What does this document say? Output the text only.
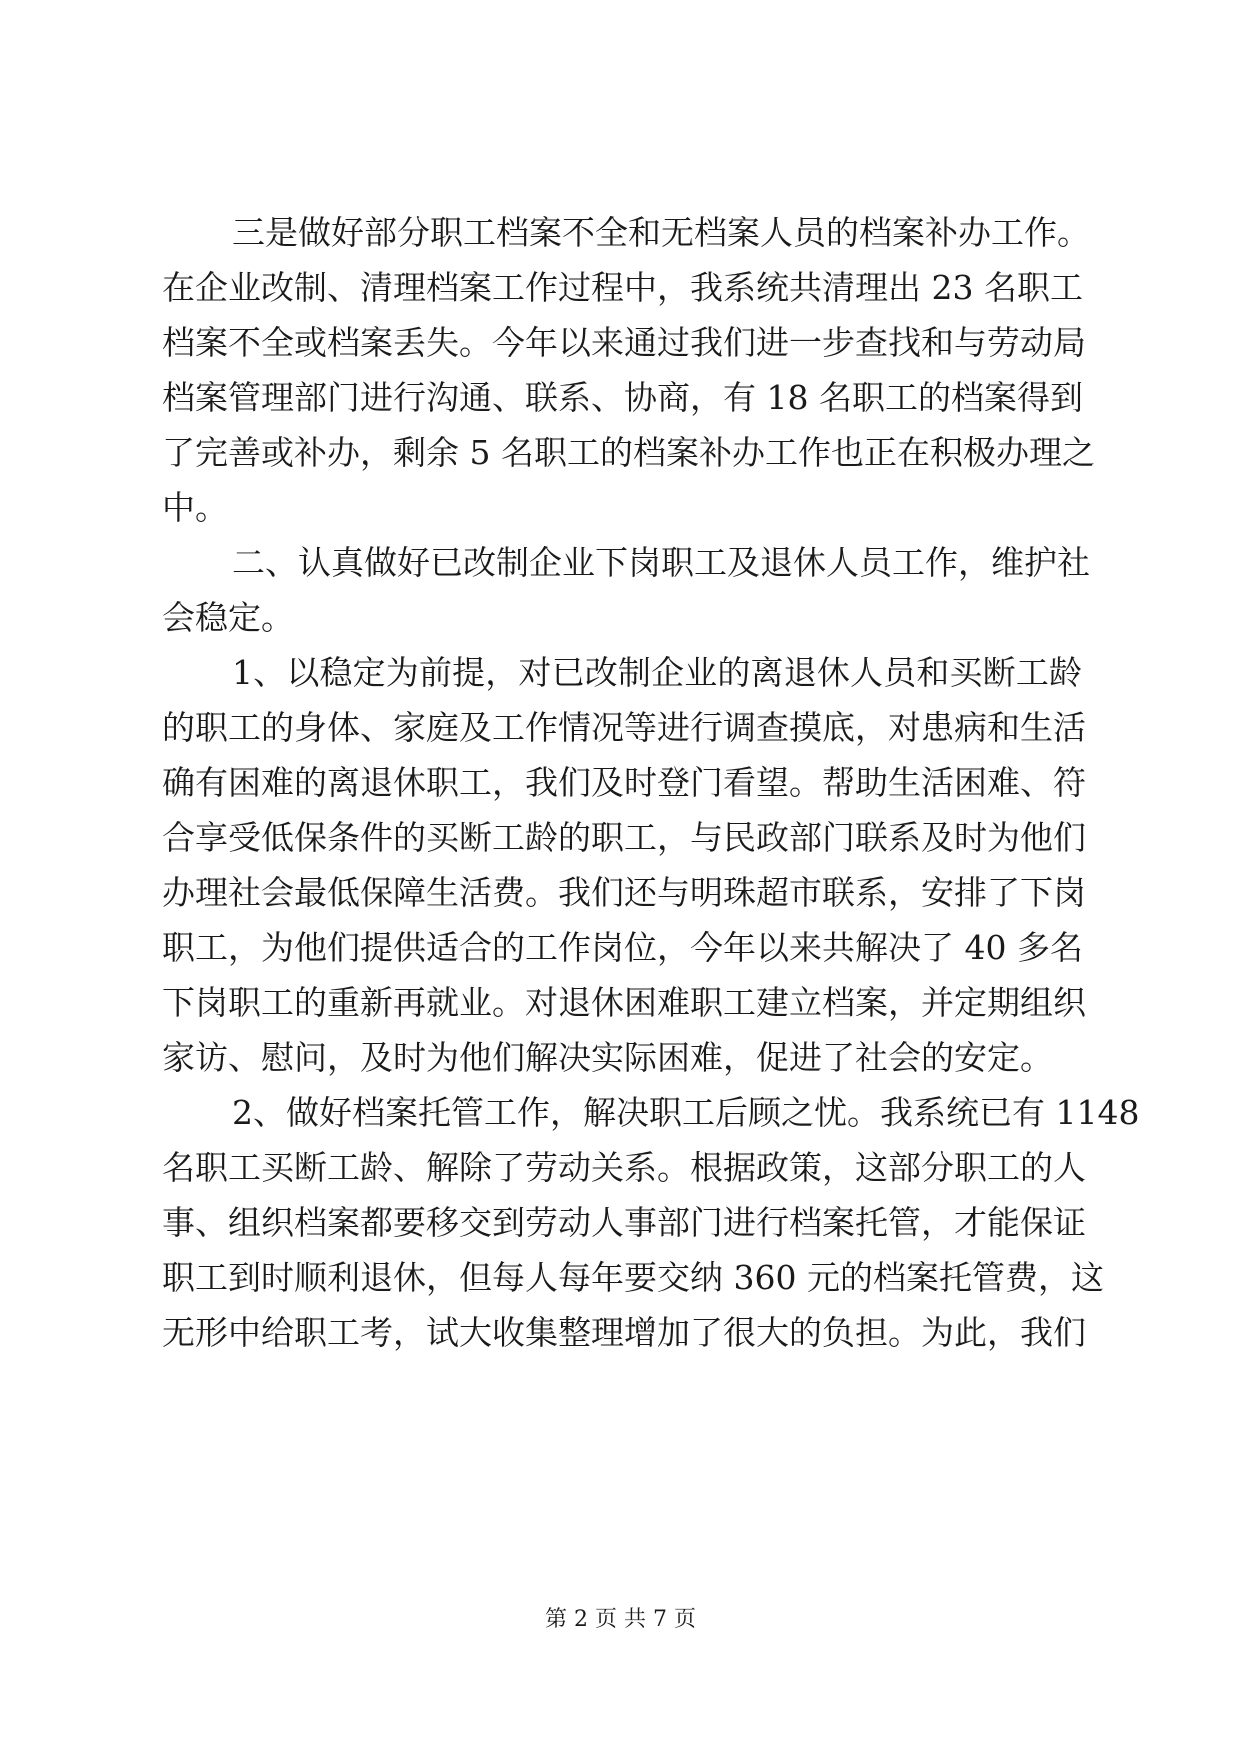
三是做好部分职工档案不全和无档案人员的档案补办工作。
在企业改制、清理档案工作过程中，我系统共清理出 23 名职工
档案不全或档案丢失。今年以来通过我们进一步查找和与劳动局
档案管理部门进行沟通、联系、协商，有 18 名职工的档案得到
了完善或补办，剩余 5 名职工的档案补办工作也正在积极办理之
中。
二、认真做好已改制企业下岗职工及退休人员工作，维护社
会稳定。
1、以稳定为前提，对已改制企业的离退休人员和买断工龄
的职工的身体、家庭及工作情况等进行调查摸底，对患病和生活
确有困难的离退休职工，我们及时登门看望。帮助生活困难、符
合享受低保条件的买断工龄的职工，与民政部门联系及时为他们
办理社会最低保障生活费。我们还与明珠超市联系，安排了下岗
职工，为他们提供适合的工作岗位，今年以来共解决了 40 多名
下岗职工的重新再就业。对退休困难职工建立档案，并定期组织
家访、慰问，及时为他们解决实际困难，促进了社会的安定。
2、做好档案托管工作，解决职工后顾之忧。我系统已有 1148
名职工买断工龄、解除了劳动关系。根据政策，这部分职工的人
事、组织档案都要移交到劳动人事部门进行档案托管，才能保证
职工到时顺利退休，但每人每年要交纳 360 元的档案托管费，这
无形中给职工考，试大收集整理增加了很大的负担。为此，我们
第 2 页 共 7 页
